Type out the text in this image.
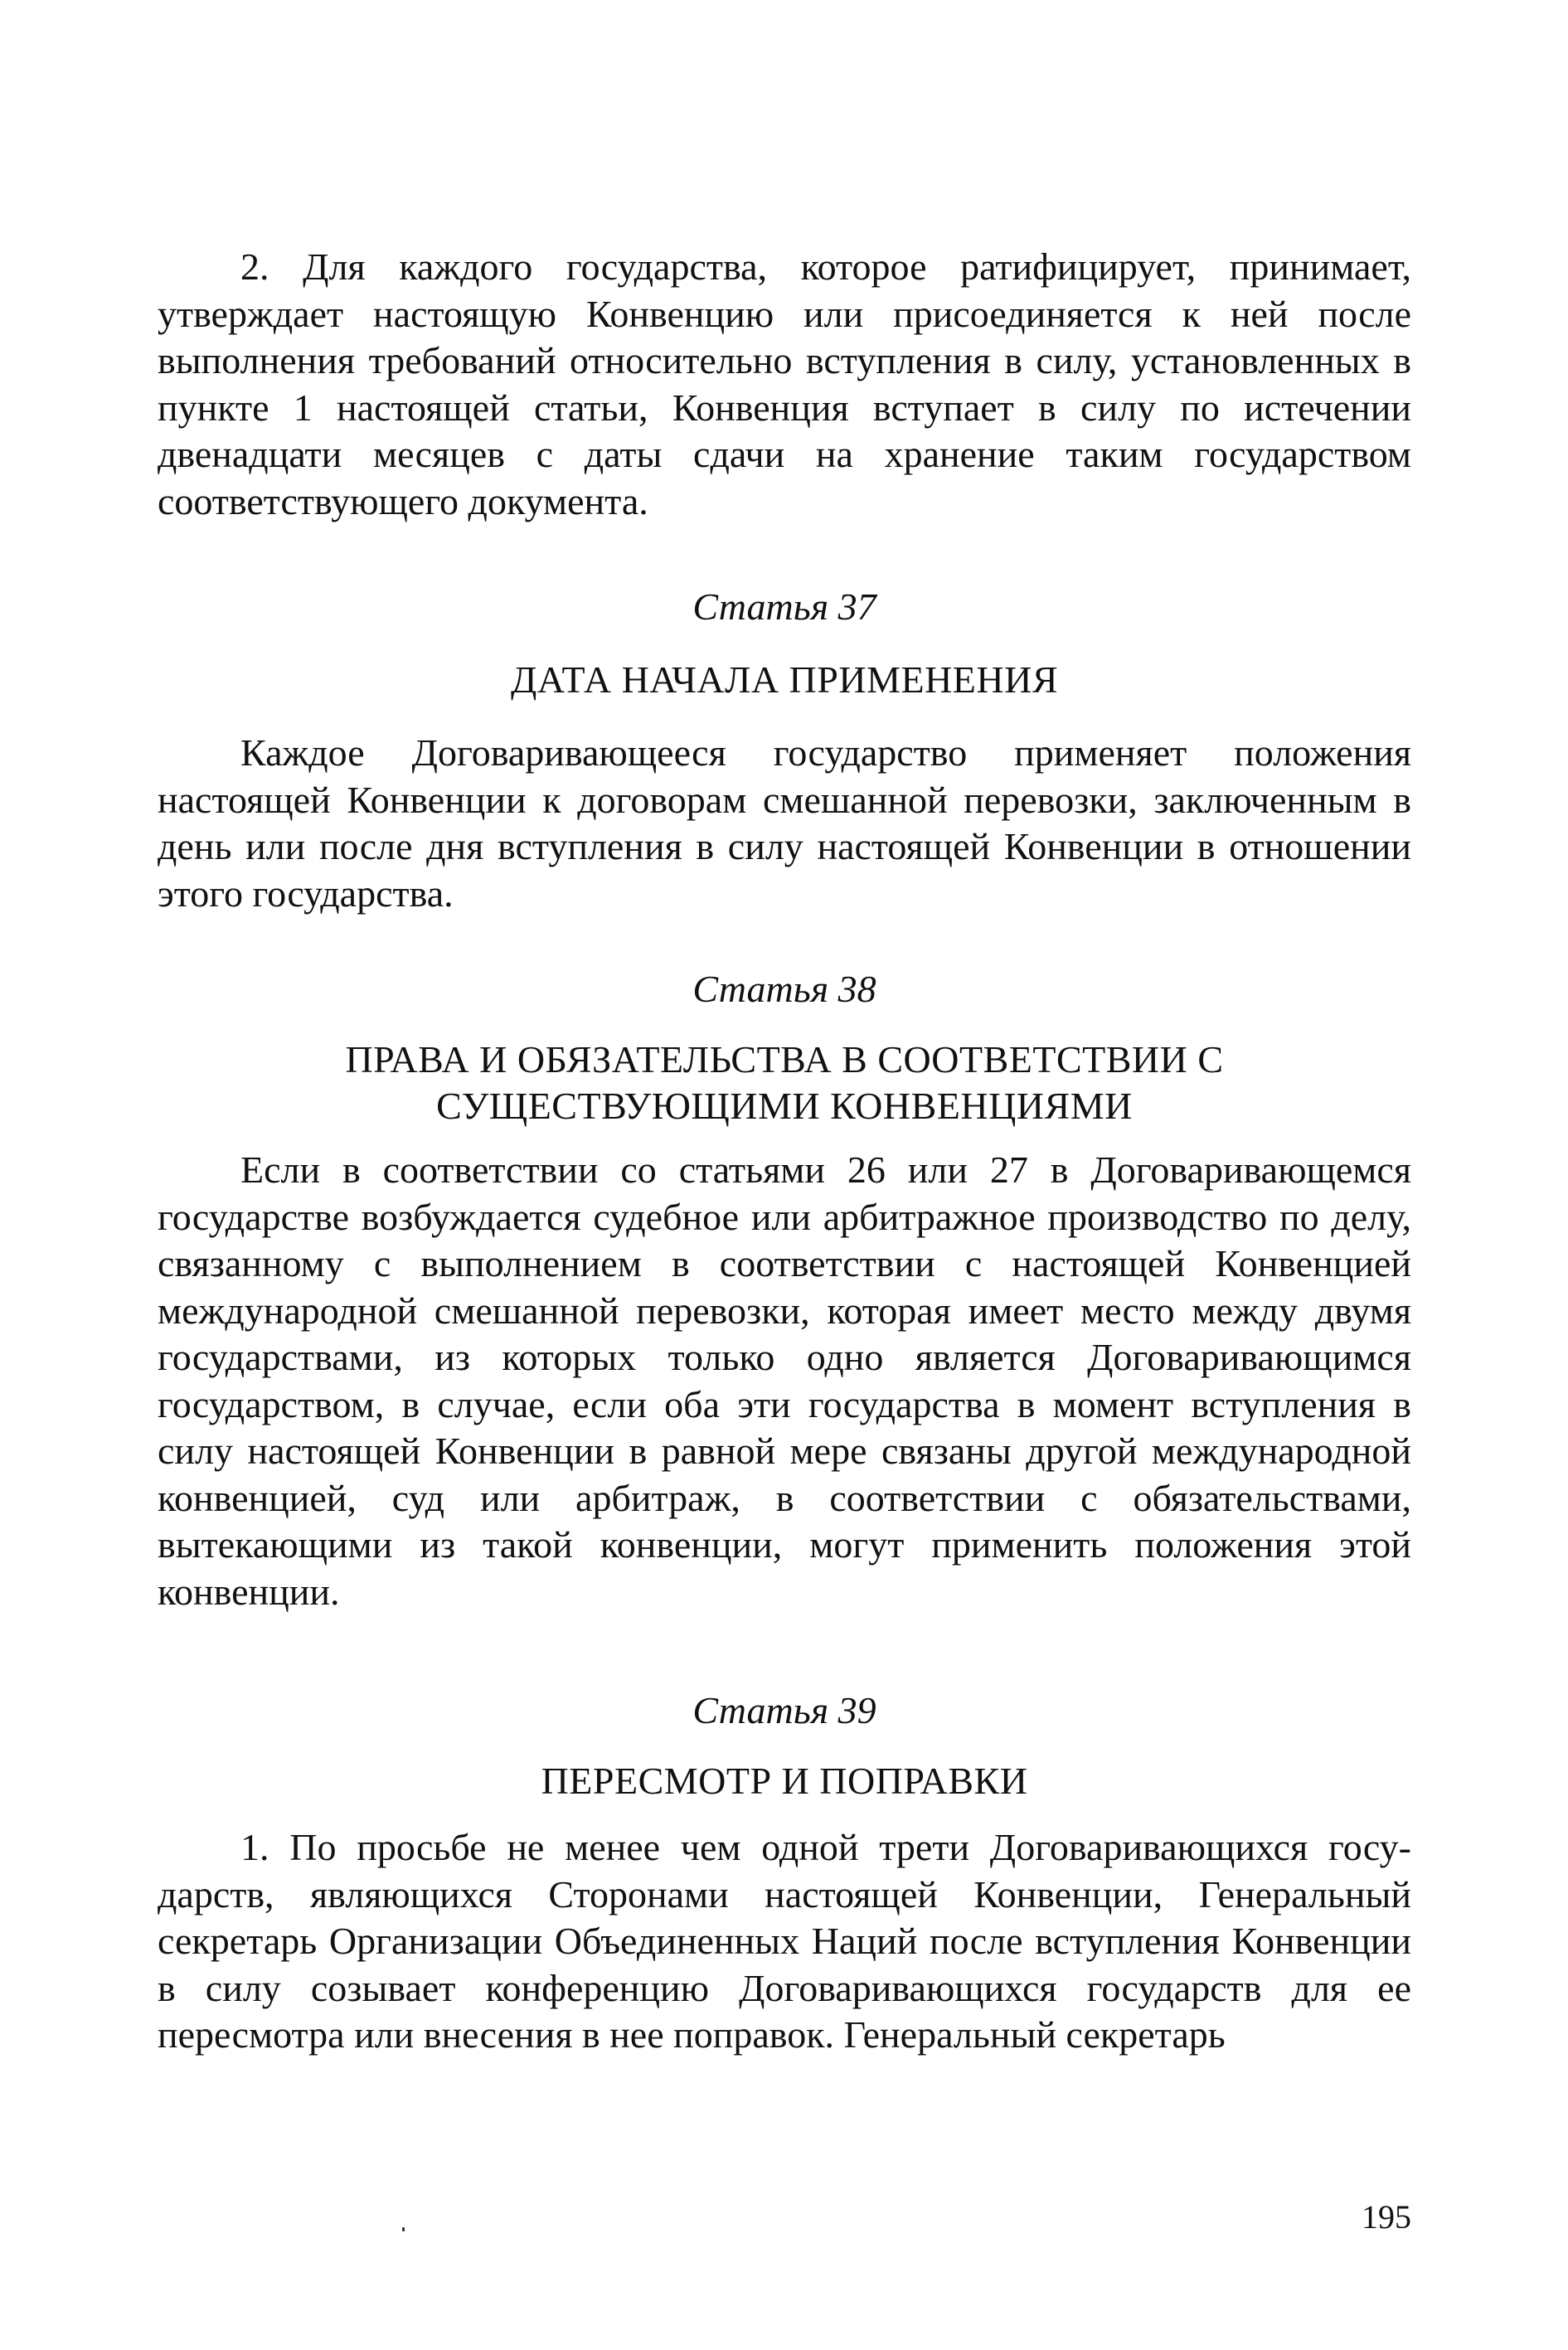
2. Для каждого государства, которое ратифицирует, принимает, утверждает настоящую Конвенцию или присоединяется к ней после выполнения требований относительно вступления в силу, установленных в пункте 1 настоящей статьи, Конвенция вступает в силу по истечении двенадцати месяцев с даты сдачи на хранение таким государством соответствующего документа.

Статья 37
ДАТА НАЧАЛА ПРИМЕНЕНИЯ

Каждое Договаривающееся государство применяет положения настоящей Конвенции к договорам смешанной перевозки, заключенным в день или после дня вступления в силу настоящей Конвенции в отношении этого государства.

Статья 38
ПРАВА И ОБЯЗАТЕЛЬСТВА В СООТВЕТСТВИИ С
СУЩЕСТВУЮЩИМИ КОНВЕНЦИЯМИ

Если в соответствии со статьями 26 или 27 в Договаривающемся государстве возбуждается судебное или арбитражное производство по делу, связанному с выполнением в соответствии с настоящей Конвенцией международной смешанной перевозки, которая имеет место между двумя государствами, из которых только одно является Договаривающимся государством, в случае, если оба эти государства в момент вступления в силу настоящей Конвенции в равной мере связаны другой международной конвенцией, суд или арбитраж, в соответствии с обязательствами, вытекающими из такой конвенции, могут применить положения этой конвенции.

Статья 39
ПЕРЕСМОТР И ПОПРАВКИ

1. По просьбе не менее чем одной трети Договаривающихся государств, являющихся Сторонами настоящей Конвенции, Генеральный секретарь Организации Объединенных Наций после вступления Конвенции в силу созывает конференцию Договаривающихся государств для ее пересмотра или внесения в нее поправок. Генеральный секретарь

195
